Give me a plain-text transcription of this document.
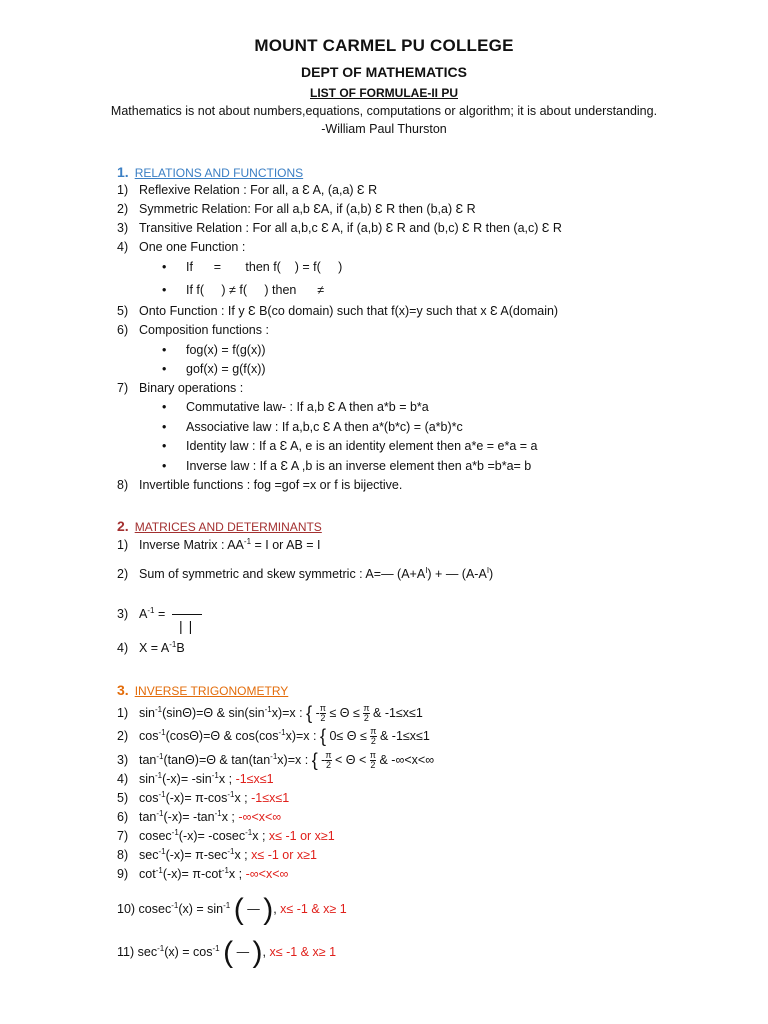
MOUNT CARMEL PU COLLEGE
DEPT OF MATHEMATICS
LIST OF FORMULAE-II PU
Mathematics is not about numbers,equations, computations or algorithm; it is about understanding.
-William Paul Thurston
1. RELATIONS AND FUNCTIONS
1) Reflexive Relation : For all, a Ɛ A, (a,a) Ɛ R
2) Symmetric Relation: For all a,b ƐA, if (a,b) Ɛ R then (b,a) Ɛ R
3) Transitive Relation : For all a,b,c Ɛ A, if (a,b) Ɛ R and (b,c) Ɛ R then (a,c) Ɛ R
4) One one Function :
• If      =       then f(    ) = f(     )
• If f(     ) ≠ f(     ) then      ≠
5) Onto Function : If y Ɛ B(co domain) such that f(x)=y such that x Ɛ A(domain)
6) Composition functions :
• fog(x) = f(g(x))
• gof(x) = g(f(x))
7) Binary operations :
• Commutative law- : If a,b Ɛ A then a*b = b*a
• Associative law : If a,b,c Ɛ A then a*(b*c) = (a*b)*c
• Identity law : If a Ɛ A, e is an identity element then a*e = e*a = a
• Inverse law : If a Ɛ A ,b is an inverse element then a*b =b*a= b
8) Invertible functions : fog =gof =x or f is bijective.
2. MATRICES AND DETERMINANTS
1) Inverse Matrix : $AA^{-1} = I$ or AB = I
2) Sum of symmetric and skew symmetric : A=— $(A+A^I)$ + — $(A-A^I)$
3) $A^{-1}$ =
||
4) $X = A^{-1}B$
3. INVERSE TRIGONOMETRY
1) $\sin^{-1}(\sin\Theta)=\Theta$ & $\sin(\sin^{-1}x)=x$ : { - $\frac{\pi}{2} \le \Theta \le \frac{\pi}{2}$ & -1≤x≤1
2) $\cos^{-1}(\cos\Theta)=\Theta$ & $\cos(\cos^{-1}x)=x$ : { $0\le \Theta \le \frac{\pi}{2}$ & -1≤x≤1
3) $\tan^{-1}(\tan\Theta)=\Theta$ & $\tan(\tan^{-1}x)=x$ : { - $\frac{\pi}{2} < \Theta < \frac{\pi}{2}$ & -∞<x<∞
4) $\sin^{-1}(-x)= -\sin^{-1}x$ ; -1≤x≤1
5) $\cos^{-1}(-x)= \pi-\cos^{-1}x$ ; -1≤x≤1
6) $\tan^{-1}(-x)= -\tan^{-1}x$ ; -∞<x<∞
7) cosec$^{-1}$(-x)= -cosec$^{-1}$x ; x≤ -1 or x≥1
8) $\sec^{-1}(-x)= \pi-\sec^{-1}x$ ; x≤ -1 or x≥1
9) $\cot^{-1}(-x)= \pi-\cot^{-1}x$ ; -∞<x<∞
10) $cosec^{-1}(x) = \sin^{-1}$ ( — ), x≤ -1 & x≥ 1
11) $\sec^{-1}(x) = \cos^{-1}$ ( — ), x≤ -1 & x≥ 1
